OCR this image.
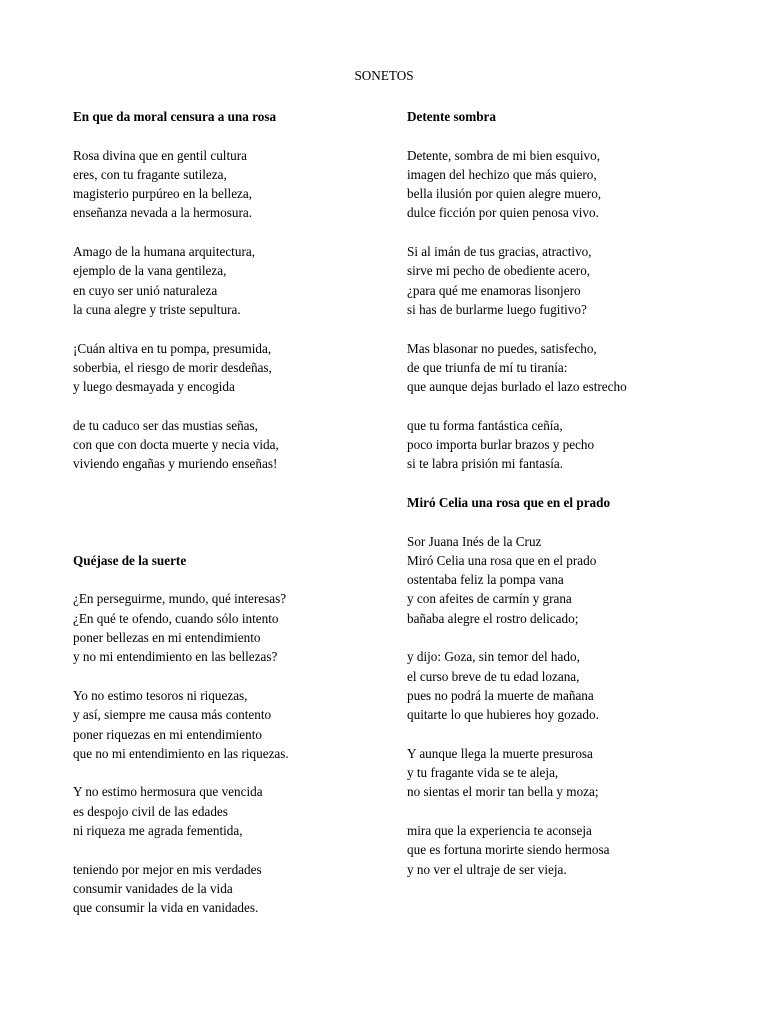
SONETOS
En que da moral censura a una rosa
Rosa divina que en gentil cultura
eres, con tu fragante sutileza,
magisterio purpúreo en la belleza,
enseñanza nevada a la hermosura.
Amago de la humana arquitectura,
ejemplo de la vana gentileza,
en cuyo ser unió naturaleza
la cuna alegre y triste sepultura.
¡Cuán altiva en tu pompa, presumida,
soberbia, el riesgo de morir desdeñas,
y luego desmayada y encogida
de tu caduco ser das mustias señas,
con que con docta muerte y necia vida,
viviendo engañas y muriendo enseñas!
Quéjase de la suerte
¿En perseguirme, mundo, qué interesas?
¿En qué te ofendo, cuando sólo intento
poner bellezas en mi entendimiento
y no mi entendimiento en las bellezas?
Yo no estimo tesoros ni riquezas,
y así, siempre me causa más contento
poner riquezas en mi entendimiento
que no mi entendimiento en las riquezas.
Y no estimo hermosura que vencida
es despojo civil de las edades
ni riqueza me agrada fementida,
teniendo por mejor en mis verdades
consumir vanidades de la vida
que consumir la vida en vanidades.
Detente sombra
Detente, sombra de mi bien esquivo,
imagen del hechizo que más quiero,
bella ilusión por quien alegre muero,
dulce ficción por quien penosa vivo.
Si al imán de tus gracias, atractivo,
sirve mi pecho de obediente acero,
¿para qué me enamoras lisonjero
si has de burlarme luego fugitivo?
Mas blasonar no puedes, satisfecho,
de que triunfa de mí tu tiranía:
que aunque dejas burlado el lazo estrecho
que tu forma fantástica ceñía,
poco importa burlar brazos y pecho
si te labra prisión mi fantasía.
Miró Celia una rosa que en el prado
Sor Juana Inés de la Cruz
Miró Celia una rosa que en el prado
ostentaba feliz la pompa vana
y con afeites de carmín y grana
bañaba alegre el rostro delicado;
y dijo: Goza, sin temor del hado,
el curso breve de tu edad lozana,
pues no podrá la muerte de mañana
quitarte lo que hubieres hoy gozado.
Y aunque llega la muerte presurosa
y tu fragante vida se te aleja,
no sientas el morir tan bella y moza;
mira que la experiencia te aconseja
que es fortuna morirte siendo hermosa
y no ver el ultraje de ser vieja.
